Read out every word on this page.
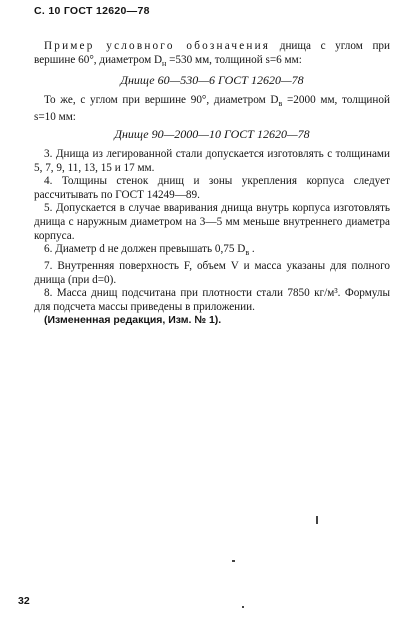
С. 10 ГОСТ 12620—78

Пример условного обозначения днища с углом при вершине 60°, диаметром $D_н =530$ мм, толщиной s=6 мм:

Днище 60—530—6 ГОСТ 12620—78

То же, с углом при вершине 90°, диаметром $D_в =2000$ мм, толщиной s=10 мм:

Днище 90—2000—10 ГОСТ 12620—78

3. Днища из легированной стали допускается изготовлять с толщинами 5, 7, 9, 11, 13, 15 и 17 мм.

4. Толщины стенок днищ и зоны укрепления корпуса следует рассчитывать по ГОСТ 14249—89.

5. Допускается в случае вваривания днища внутрь корпуса изготовлять днища с наружным диаметром на 3—5 мм меньше внутреннего диаметра корпуса.

6. Диаметр d не должен превышать 0,75 $D_в$ .

7. Внутренняя поверхность F, объем V и масса указаны для полного днища (при d=0).

8. Масса днищ подсчитана при плотности стали 7850 кг/м³. Формулы для подсчета массы приведены в приложении.

(Измененная редакция, Изм. № 1).

32
